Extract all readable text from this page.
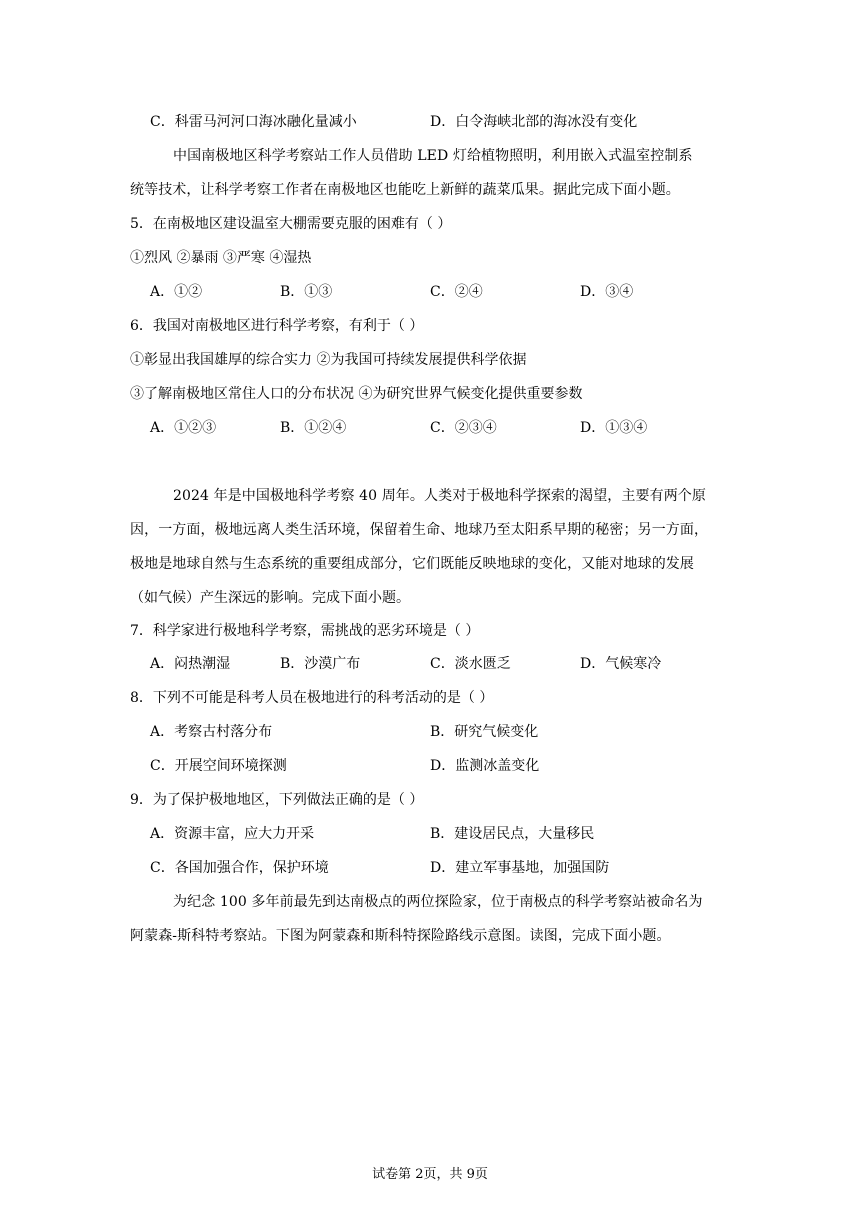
C．科雷马河河口海冰融化量减小	D．白令海峡北部的海冰没有变化
中国南极地区科学考察站工作人员借助 LED 灯给植物照明，利用嵌入式温室控制系
统等技术，让科学考察工作者在南极地区也能吃上新鲜的蔬菜瓜果。据此完成下面小题。
5．在南极地区建设温室大棚需要克服的困难有（ ）
①烈风 ②暴雨 ③严寒 ④湿热
A．①②	B．①③	C．②④	D．③④
6．我国对南极地区进行科学考察，有利于（ ）
①彰显出我国雄厚的综合实力 ②为我国可持续发展提供科学依据
③了解南极地区常住人口的分布状况 ④为研究世界气候变化提供重要参数
A．①②③	B．①②④	C．②③④	D．①③④
2024 年是中国极地科学考察 40 周年。人类对于极地科学探索的渴望，主要有两个原
因，一方面，极地远离人类生活环境，保留着生命、地球乃至太阳系早期的秘密；另一方面，
极地是地球自然与生态系统的重要组成部分，它们既能反映地球的变化，又能对地球的发展
（如气候）产生深远的影响。完成下面小题。
7．科学家进行极地科学考察，需挑战的恶劣环境是（ ）
A．闷热潮湿	B．沙漠广布	C．淡水匮乏	D．气候寒冷
8．下列不可能是科考人员在极地进行的科考活动的是（ ）
A．考察古村落分布	B．研究气候变化
C．开展空间环境探测	D．监测冰盖变化
9．为了保护极地地区，下列做法正确的是（ ）
A．资源丰富，应大力开采	B．建设居民点，大量移民
C．各国加强合作，保护环境	D．建立军事基地，加强国防
为纪念 100 多年前最先到达南极点的两位探险家，位于南极点的科学考察站被命名为
阿蒙森-斯科特考察站。下图为阿蒙森和斯科特探险路线示意图。读图，完成下面小题。
试卷第 2页，共 9页
